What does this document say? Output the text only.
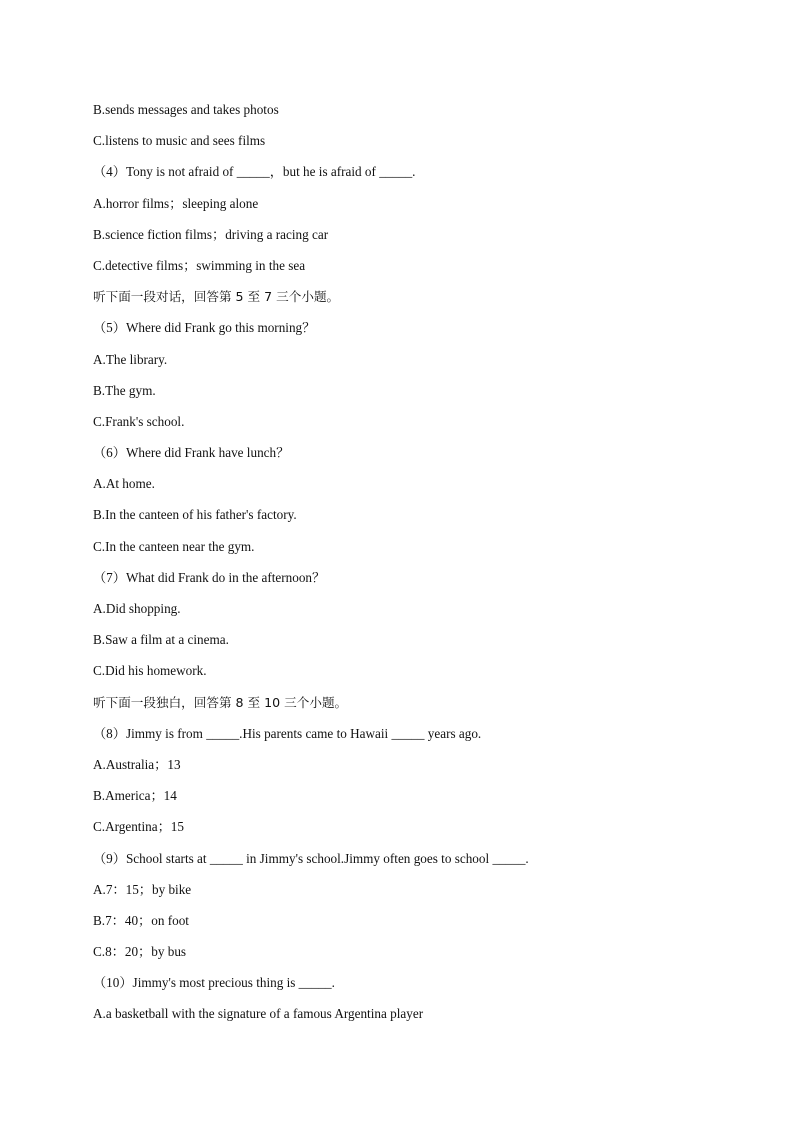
B.sends messages and takes photos
C.listens to music and sees films
（4）Tony is not afraid of _____，but he is afraid of _____.
A.horror films；sleeping alone
B.science fiction films；driving a racing car
C.detective films；swimming in the sea
听下面一段对话，回答第 5 至 7 三个小题。
（5）Where did Frank go this morning？
A.The library.
B.The gym.
C.Frank's school.
（6）Where did Frank have lunch？
A.At home.
B.In the canteen of his father's factory.
C.In the canteen near the gym.
（7）What did Frank do in the afternoon？
A.Did shopping.
B.Saw a film at a cinema.
C.Did his homework.
听下面一段独白，回答第 8 至 10 三个小题。
（8）Jimmy is from _____.His parents came to Hawaii _____ years ago.
A.Australia；13
B.America；14
C.Argentina；15
（9）School starts at _____ in Jimmy's school.Jimmy often goes to school _____.
A.7：15；by bike
B.7：40；on foot
C.8：20；by bus
（10）Jimmy's most precious thing is _____.
A.a basketball with the signature of a famous Argentina player
